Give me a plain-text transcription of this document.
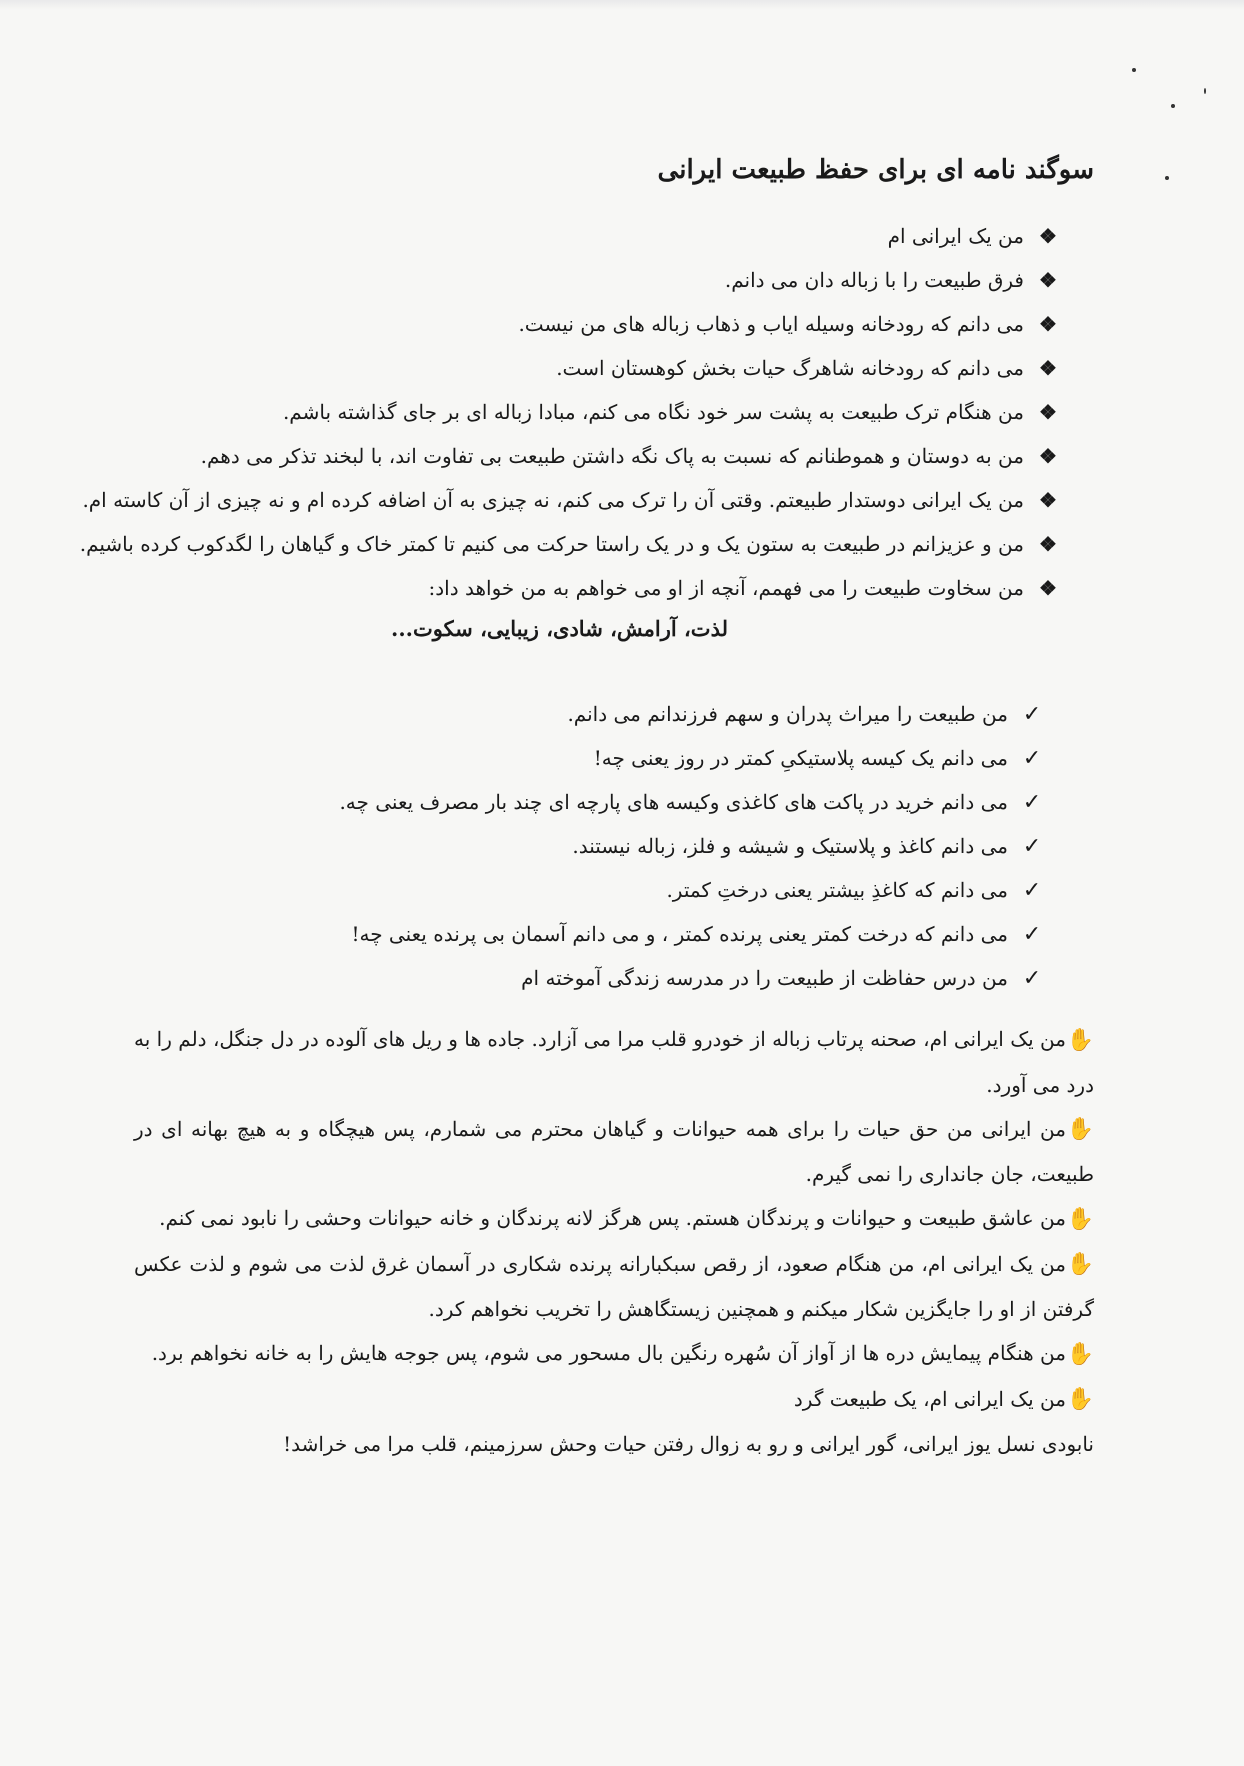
سوگند نامه ای برای حفظ طبیعت ایرانی
❖
من یک ایرانی ام
❖
فرق طبیعت را با زباله دان می دانم.
❖
می دانم که رودخانه وسیله ایاب و ذهاب زباله های من نیست.
❖
می دانم که رودخانه شاهرگ حیات بخش کوهستان است.
❖
من هنگام ترک طبیعت به پشت سر خود نگاه می کنم، مبادا زباله ای بر جای گذاشته باشم.
❖
من به دوستان و هموطنانم که نسبت به پاک نگه داشتن طبیعت بی تفاوت اند، با لبخند تذکر می دهم.
❖
من یک ایرانی دوستدار طبیعتم. وقتی آن را ترک می کنم، نه چیزی به آن اضافه کرده ام و نه چیزی از آن کاسته ام.
❖
من و عزیزانم در طبیعت به ستون یک و در یک راستا حرکت می کنیم تا کمتر خاک و گیاهان را لگدکوب کرده باشیم.
❖
من سخاوت طبیعت را می فهمم، آنچه از او می خواهم به من خواهد داد:
لذت، آرامش، شادی، زیبایی، سکوت...
✓
من طبیعت را میراث پدران و سهم فرزندانم می دانم.
✓
می دانم یک کیسه پلاستیکیِ کمتر در روز یعنی چه!
✓
می دانم خرید در پاکت های کاغذی وکیسه های پارچه ای چند بار مصرف یعنی چه.
✓
می دانم کاغذ و پلاستیک و شیشه و فلز، زباله نیستند.
✓
می دانم که کاغذِ بیشتر یعنی درختِ کمتر.
✓
می دانم که درخت کمتر یعنی پرنده کمتر ، و می دانم آسمان بی پرنده یعنی چه!
✓
من درس حفاظت از طبیعت را در مدرسه زندگی آموخته ام

✋من یک ایرانی ام، صحنه پرتاب زباله از خودرو قلب مرا می آزارد. جاده ها و ریل های آلوده در دل جنگل، دلم را به درد می آورد.

✋من ایرانی من حق حیات را برای همه حیوانات و گیاهان محترم می شمارم، پس هیچگاه و به هیچ بهانه ای در طبیعت، جان جانداری را نمی گیرم.

✋من عاشق طبیعت و حیوانات و پرندگان هستم. پس هرگز لانه پرندگان و خانه حیوانات وحشی را نابود نمی کنم.

✋من یک ایرانی ام، من هنگام صعود، از رقص سبکبارانه پرنده شکاری در آسمان غرق لذت می شوم و لذت عکس گرفتن از او را جایگزین شکار میکنم و همچنین زیستگاهش را تخریب نخواهم کرد.

✋من هنگام پیمایش دره ها از آواز آن سُهره رنگین بال مسحور می شوم، پس جوجه هایش را به خانه نخواهم برد.

✋من یک ایرانی ام، یک طبیعت گرد

نابودی نسل یوز ایرانی، گور ایرانی و رو به زوال رفتن حیات وحش سرزمینم، قلب مرا می خراشد!
